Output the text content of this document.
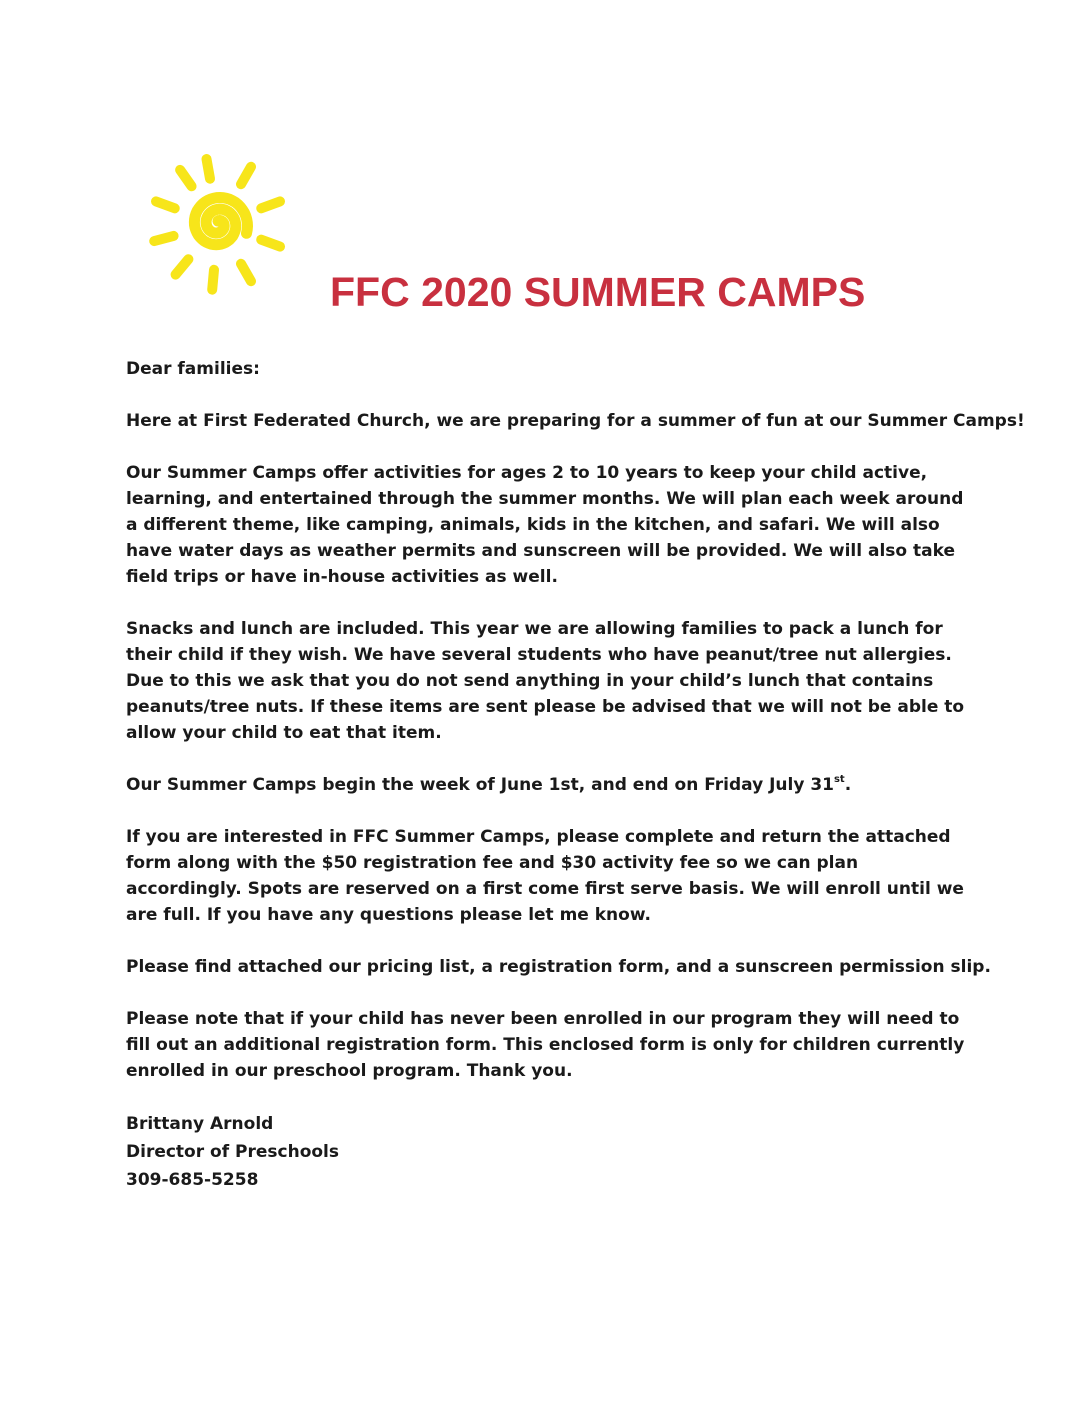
FFC 2020 SUMMER CAMPS

Dear families:

Here at First Federated Church, we are preparing for a summer of fun at our Summer Camps!

Our Summer Camps offer activities for ages 2 to 10 years to keep your child active, learning, and entertained through the summer months. We will plan each week around a different theme, like camping, animals, kids in the kitchen, and safari. We will also have water days as weather permits and sunscreen will be provided. We will also take field trips or have in-house activities as well.

Snacks and lunch are included. This year we are allowing families to pack a lunch for their child if they wish. We have several students who have peanut/tree nut allergies. Due to this we ask that you do not send anything in your child’s lunch that contains peanuts/tree nuts. If these items are sent please be advised that we will not be able to allow your child to eat that item.

Our Summer Camps begin the week of June 1st, and end on Friday July 31st.

If you are interested in FFC Summer Camps, please complete and return the attached form along with the $50 registration fee and $30 activity fee so we can plan accordingly. Spots are reserved on a first come first serve basis. We will enroll until we are full. If you have any questions please let me know.

Please find attached our pricing list, a registration form, and a sunscreen permission slip.

Please note that if your child has never been enrolled in our program they will need to fill out an additional registration form. This enclosed form is only for children currently enrolled in our preschool program. Thank you.

Brittany Arnold

Director of Preschools

309-685-5258
